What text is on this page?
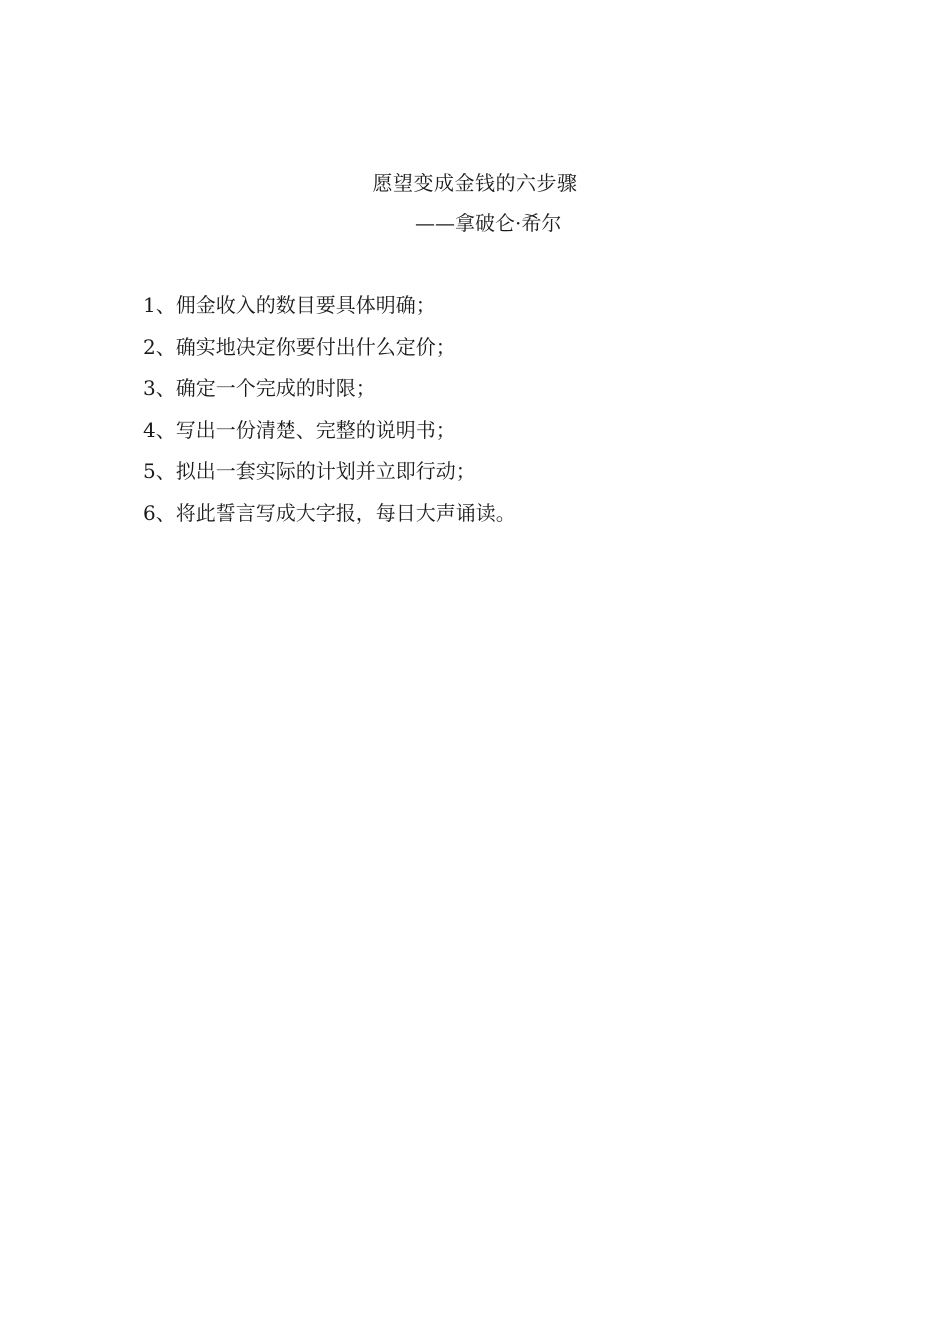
愿望变成金钱的六步骤
——拿破仑·希尔
1、佣金收入的数目要具体明确；
2、确实地决定你要付出什么定价；
3、确定一个完成的时限；
4、写出一份清楚、完整的说明书；
5、拟出一套实际的计划并立即行动；
6、将此誓言写成大字报，每日大声诵读。
